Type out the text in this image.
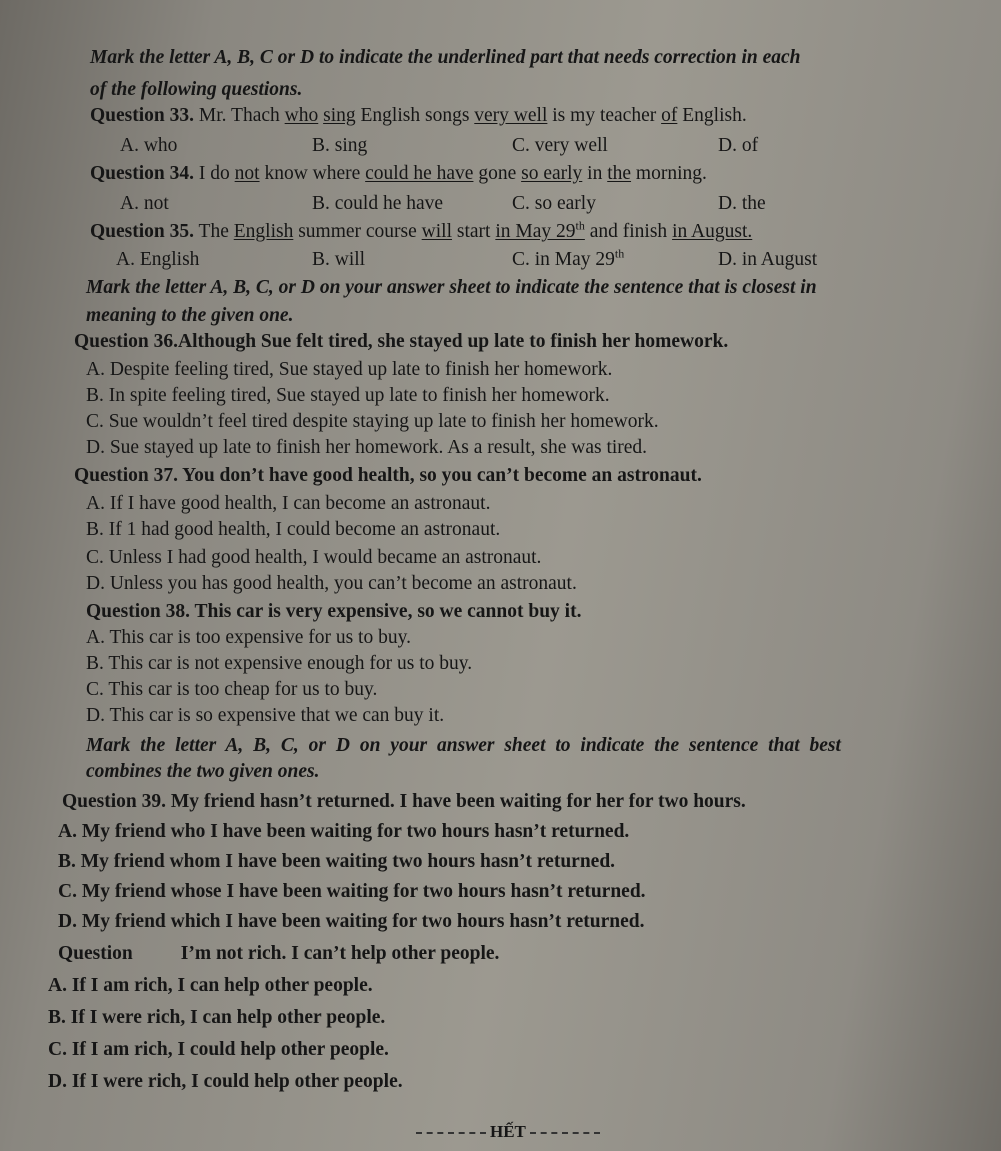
Mark the letter A, B, C or D to indicate the underlined part that needs correction in each
of the following questions.
Question 33. Mr. Thach who sing English songs very well is my teacher of English.
A. who	B. sing	C. very well	D. of
Question 34. I do not know where could he have gone so early in the morning.
A. not	B. could he have	C. so early	D. the
Question 35. The English summer course will start in May 29th and finish in August.
A. English	B. will	C. in May 29th	D. in August
Mark the letter A, B, C, or D on your answer sheet to indicate the sentence that is closest in
meaning to the given one.
Question 36.Although Sue felt tired, she stayed up late to finish her homework.
A. Despite feeling tired, Sue stayed up late to finish her homework.
B. In spite feeling tired, Sue stayed up late to finish her homework.
C. Sue wouldn’t feel tired despite staying up late to finish her homework.
D. Sue stayed up late to finish her homework. As a result, she was tired.
Question 37. You don’t have good health, so you can’t become an astronaut.
A. If I have good health, I can become an astronaut.
B. If 1 had good health, I could become an astronaut.
C. Unless I had good health, I would became an astronaut.
D. Unless you has good health, you can’t become an astronaut.
Question 38. This car is very expensive, so we cannot buy it.
A. This car is too expensive for us to buy.
B. This car is not expensive enough for us to buy.
C. This car is too cheap for us to buy.
D. This car is so expensive that we can buy it.
Mark the letter A, B, C, or D on your answer sheet to indicate the sentence that best
combines the two given ones.
Question 39. My friend hasn’t returned. I have been waiting for her for two hours.
A. My friend who I have been waiting for two hours hasn’t returned.
B. My friend whom I have been waiting two hours hasn’t returned.
C. My friend whose I have been waiting for two hours hasn’t returned.
D. My friend which I have been waiting for two hours hasn’t returned.
Question I’m not rich. I can’t help other people.
A. If I am rich, I can help other people.
B. If I were rich, I can help other people.
C. If I am rich, I could help other people.
D. If I were rich, I could help other people.
HẾT
